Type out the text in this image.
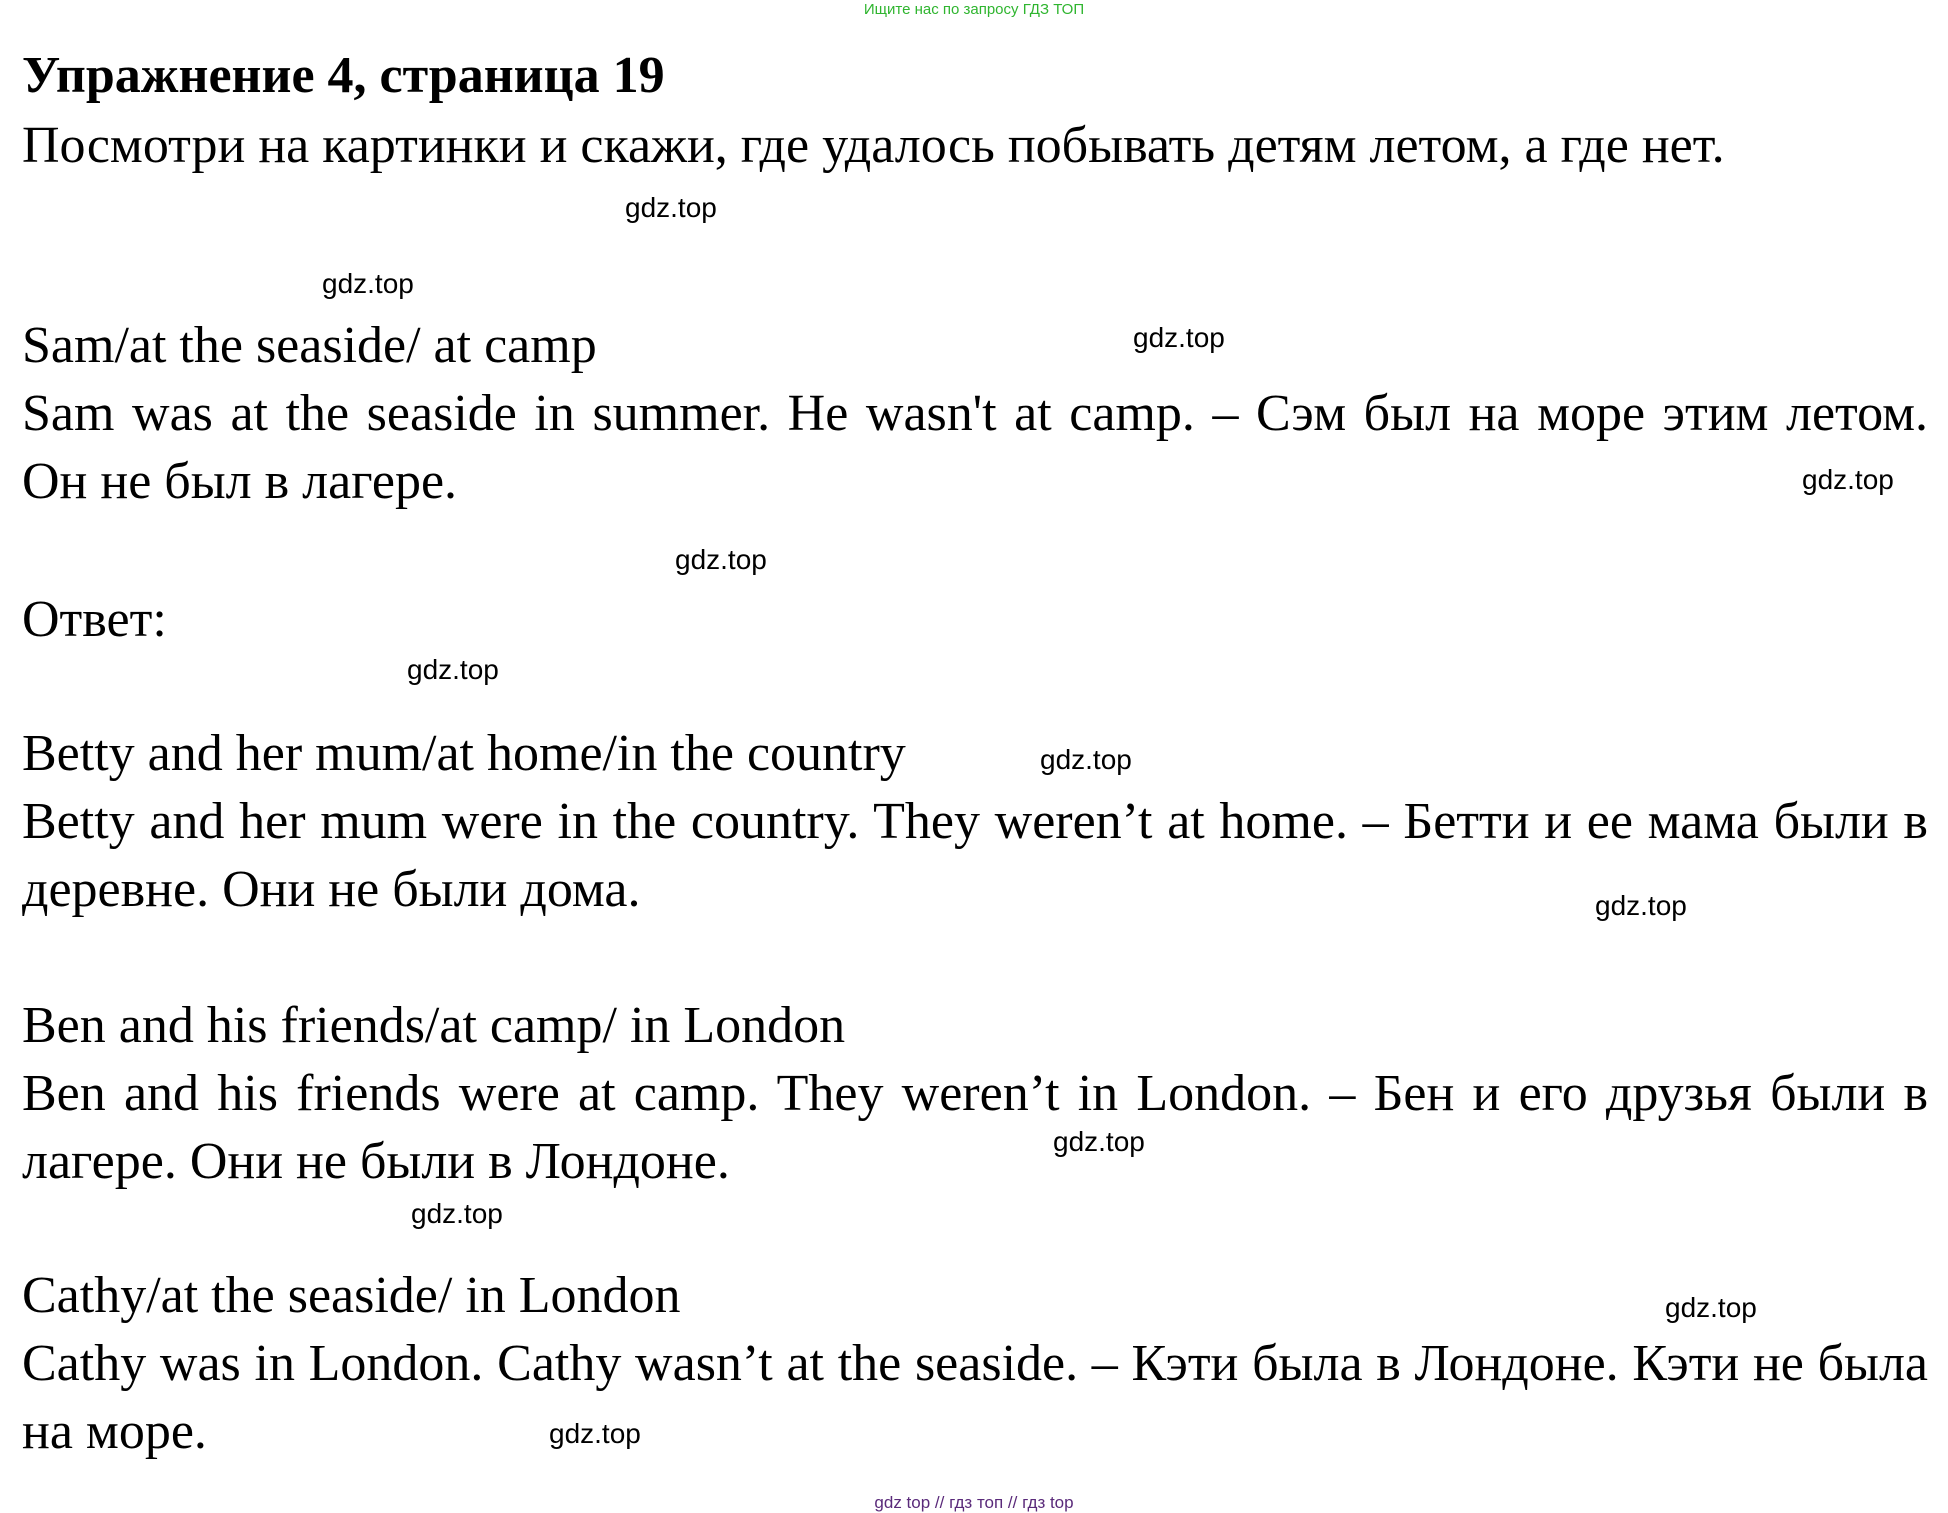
Ищите нас по запросу ГДЗ ТОП
Упражнение 4, страница 19

Посмотри на картинки и скажи, где удалось побывать детям летом, а где нет.

Sam/at the seaside/ at camp

Sam was at the seaside in summer. He wasn't at camp. – Сэм был на море этим летом. Он не был в лагере.

Ответ:
Betty and her mum/at home/in the country

Betty and her mum were in the country. They weren’t at home. – Бетти и ее мама были в деревне. Они не были дома.

Ben and his friends/at camp/ in London

Ben and his friends were at camp. They weren’t in London. – Бен и его друзья были в лагере. Они не были в Лондоне.

Cathy/at the seaside/ in London

Cathy was in London. Cathy wasn’t at the seaside. – Кэти была в Лондоне. Кэти не была на море.

gdz.top
gdz.top
gdz.top
gdz.top
gdz.top
gdz.top
gdz.top
gdz.top
gdz.top
gdz.top
gdz.top
gdz.top
gdz top // гдз топ // гдз top
